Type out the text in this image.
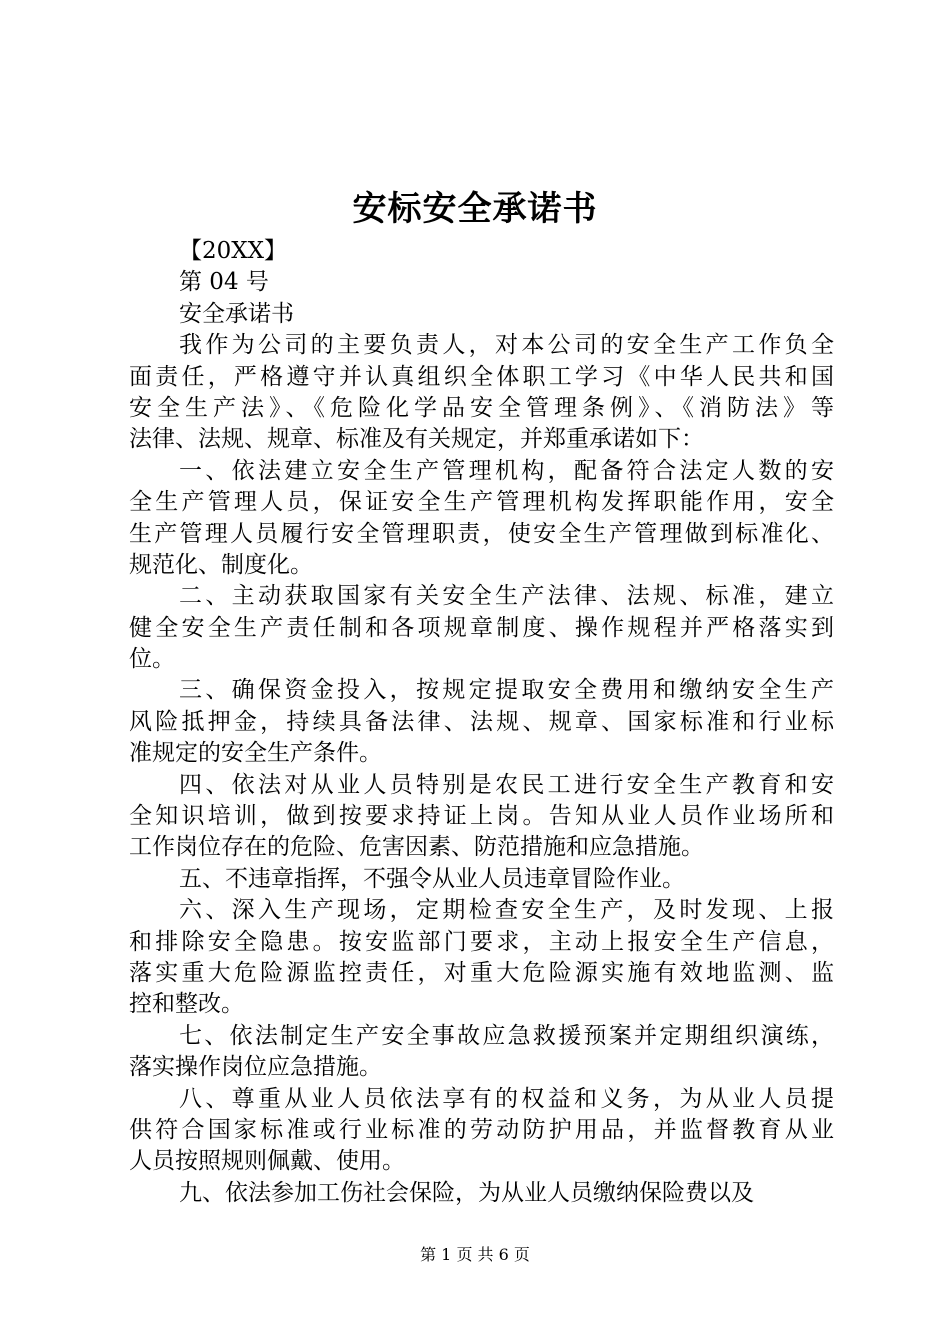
安标安全承诺书
【20XX】
第 04 号
安全承诺书
我作为公司的主要负责人，对本公司的安全生产工作负全
面责任，严格遵守并认真组织全体职工学习《中华人民共和国
安全生产法》、《危险化学品安全管理条例》、《消防法》等
法律、法规、规章、标准及有关规定，并郑重承诺如下：
一、依法建立安全生产管理机构，配备符合法定人数的安
全生产管理人员，保证安全生产管理机构发挥职能作用，安全
生产管理人员履行安全管理职责，使安全生产管理做到标准化、
规范化、制度化。
二、主动获取国家有关安全生产法律、法规、标准，建立
健全安全生产责任制和各项规章制度、操作规程并严格落实到
位。
三、确保资金投入，按规定提取安全费用和缴纳安全生产
风险抵押金，持续具备法律、法规、规章、国家标准和行业标
准规定的安全生产条件。
四、依法对从业人员特别是农民工进行安全生产教育和安
全知识培训，做到按要求持证上岗。告知从业人员作业场所和
工作岗位存在的危险、危害因素、防范措施和应急措施。
五、不违章指挥，不强令从业人员违章冒险作业。
六、深入生产现场，定期检查安全生产，及时发现、上报
和排除安全隐患。按安监部门要求，主动上报安全生产信息，
落实重大危险源监控责任，对重大危险源实施有效地监测、监
控和整改。
七、依法制定生产安全事故应急救援预案并定期组织演练，
落实操作岗位应急措施。
八、尊重从业人员依法享有的权益和义务，为从业人员提
供符合国家标准或行业标准的劳动防护用品，并监督教育从业
人员按照规则佩戴、使用。
九、依法参加工伤社会保险，为从业人员缴纳保险费以及
第 1 页 共 6 页
